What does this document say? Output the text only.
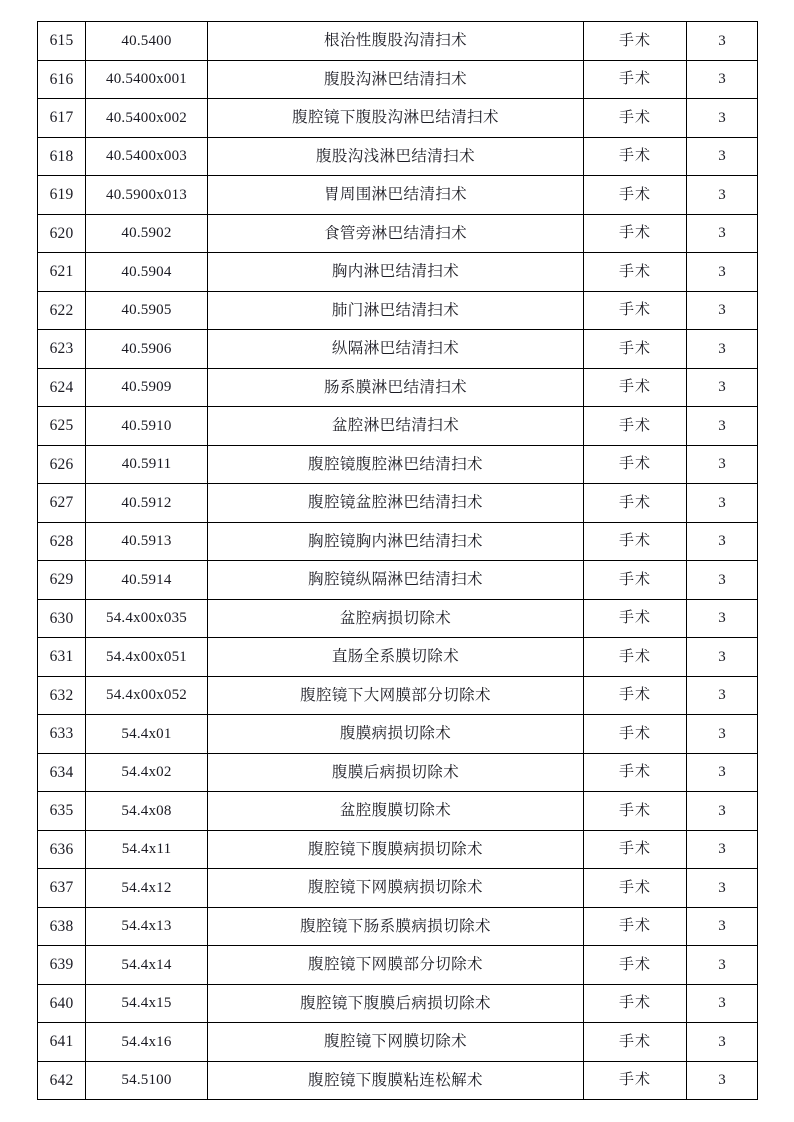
615	40.5400	根治性腹股沟清扫术	手术	3
616	40.5400x001	腹股沟淋巴结清扫术	手术	3
617	40.5400x002	腹腔镜下腹股沟淋巴结清扫术	手术	3
618	40.5400x003	腹股沟浅淋巴结清扫术	手术	3
619	40.5900x013	胃周围淋巴结清扫术	手术	3
620	40.5902	食管旁淋巴结清扫术	手术	3
621	40.5904	胸内淋巴结清扫术	手术	3
622	40.5905	肺门淋巴结清扫术	手术	3
623	40.5906	纵隔淋巴结清扫术	手术	3
624	40.5909	肠系膜淋巴结清扫术	手术	3
625	40.5910	盆腔淋巴结清扫术	手术	3
626	40.5911	腹腔镜腹腔淋巴结清扫术	手术	3
627	40.5912	腹腔镜盆腔淋巴结清扫术	手术	3
628	40.5913	胸腔镜胸内淋巴结清扫术	手术	3
629	40.5914	胸腔镜纵隔淋巴结清扫术	手术	3
630	54.4x00x035	盆腔病损切除术	手术	3
631	54.4x00x051	直肠全系膜切除术	手术	3
632	54.4x00x052	腹腔镜下大网膜部分切除术	手术	3
633	54.4x01	腹膜病损切除术	手术	3
634	54.4x02	腹膜后病损切除术	手术	3
635	54.4x08	盆腔腹膜切除术	手术	3
636	54.4x11	腹腔镜下腹膜病损切除术	手术	3
637	54.4x12	腹腔镜下网膜病损切除术	手术	3
638	54.4x13	腹腔镜下肠系膜病损切除术	手术	3
639	54.4x14	腹腔镜下网膜部分切除术	手术	3
640	54.4x15	腹腔镜下腹膜后病损切除术	手术	3
641	54.4x16	腹腔镜下网膜切除术	手术	3
642	54.5100	腹腔镜下腹膜粘连松解术	手术	3
